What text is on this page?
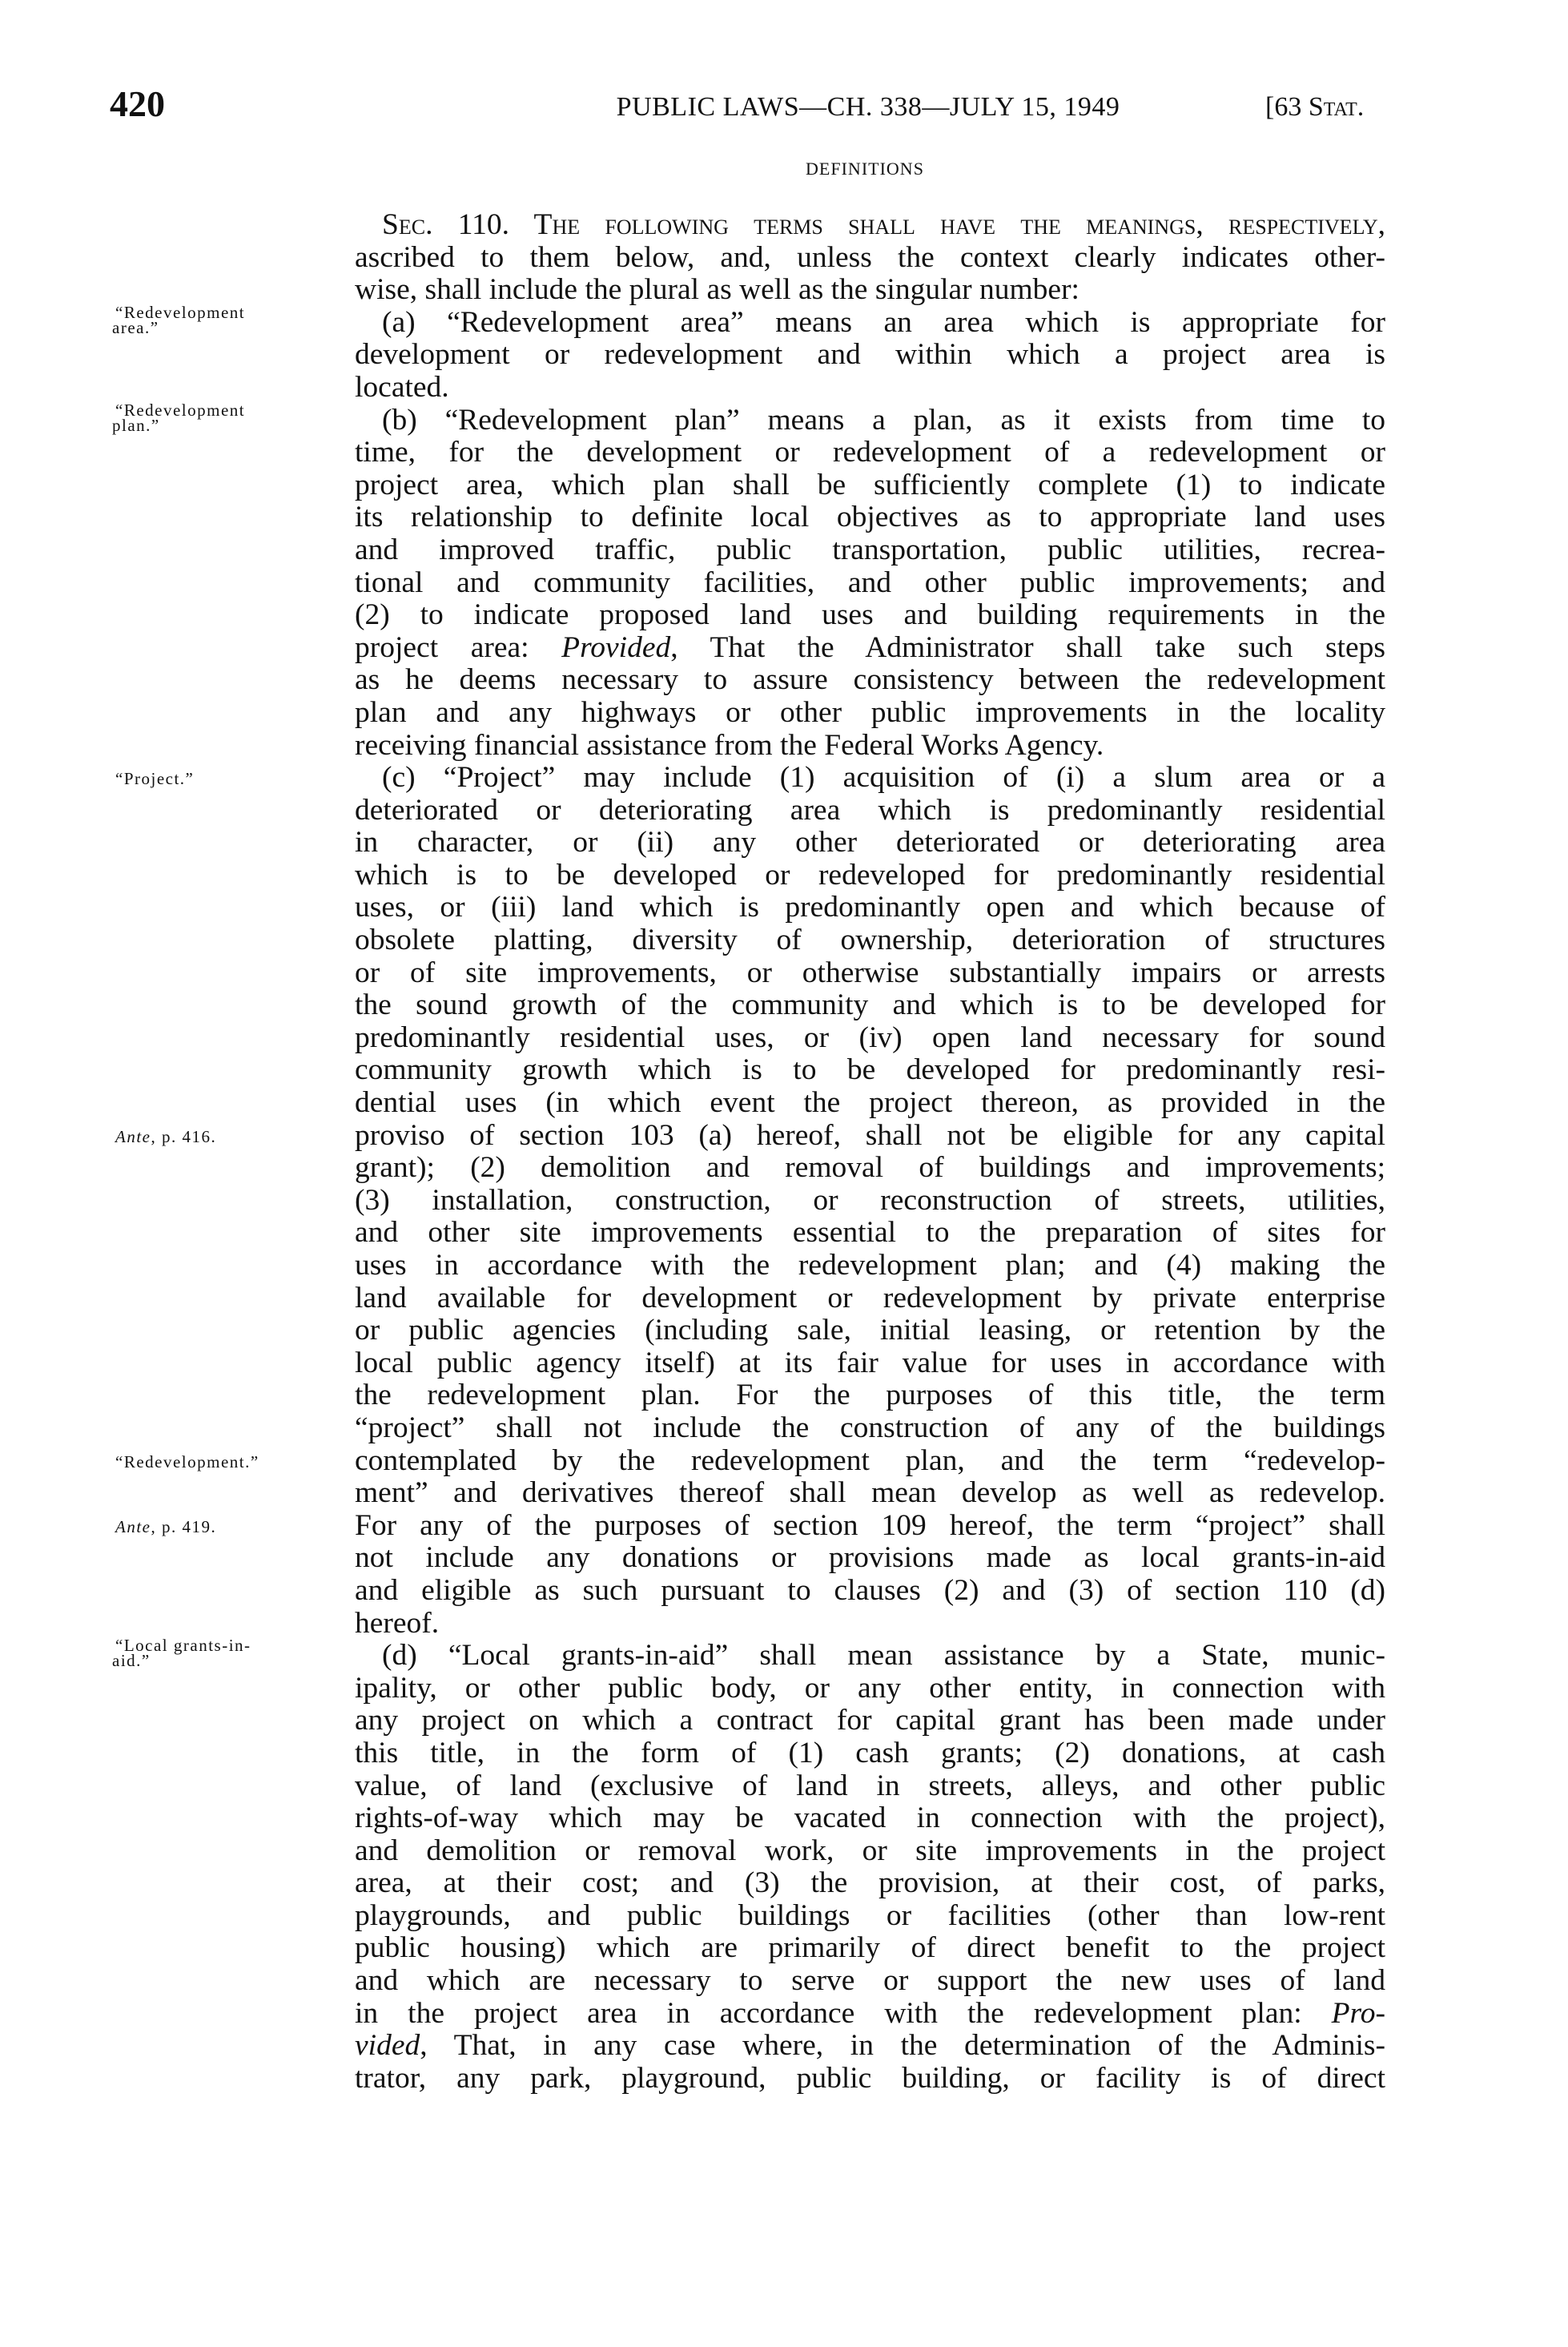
420	PUBLIC LAWS—CH. 338—JULY 15, 1949	[63 Stat.
DEFINITIONS
Sec. 110. The following terms shall have the meanings, respectively,
ascribed to them below, and, unless the context clearly indicates other-
wise, shall include the plural as well as the singular number:
“Redevelopment
area.”	(a) “Redevelopment area” means an area which is appropriate for
development or redevelopment and within which a project area is
located.
“Redevelopment
plan.”	(b) “Redevelopment plan” means a plan, as it exists from time to
time, for the development or redevelopment of a redevelopment or
project area, which plan shall be sufficiently complete (1) to indicate
its relationship to definite local objectives as to appropriate land uses
and improved traffic, public transportation, public utilities, recrea-
tional and community facilities, and other public improvements; and
(2) to indicate proposed land uses and building requirements in the
project area: Provided, That the Administrator shall take such steps
as he deems necessary to assure consistency between the redevelopment
plan and any highways or other public improvements in the locality
receiving financial assistance from the Federal Works Agency.
“Project.”	(c) “Project” may include (1) acquisition of (i) a slum area or a
deteriorated or deteriorating area which is predominantly residential
in character, or (ii) any other deteriorated or deteriorating area
which is to be developed or redeveloped for predominantly residential
uses, or (iii) land which is predominantly open and which because of
obsolete platting, diversity of ownership, deterioration of structures
or of site improvements, or otherwise substantially impairs or arrests
the sound growth of the community and which is to be developed for
predominantly residential uses, or (iv) open land necessary for sound
community growth which is to be developed for predominantly resi-
dential uses (in which event the project thereon, as provided in the
Ante, p. 416.	proviso of section 103 (a) hereof, shall not be eligible for any capital
grant); (2) demolition and removal of buildings and improvements;
(3) installation, construction, or reconstruction of streets, utilities,
and other site improvements essential to the preparation of sites for
uses in accordance with the redevelopment plan; and (4) making the
land available for development or redevelopment by private enterprise
or public agencies (including sale, initial leasing, or retention by the
local public agency itself) at its fair value for uses in accordance with
the redevelopment plan. For the purposes of this title, the term
“project” shall not include the construction of any of the buildings
“Redevelopment.”	contemplated by the redevelopment plan, and the term “redevelop-
ment” and derivatives thereof shall mean develop as well as redevelop.
Ante, p. 419.	For any of the purposes of section 109 hereof, the term “project” shall
not include any donations or provisions made as local grants-in-aid
and eligible as such pursuant to clauses (2) and (3) of section 110 (d)
hereof.
“Local grants-in-
aid.”	(d) “Local grants-in-aid” shall mean assistance by a State, munic-
ipality, or other public body, or any other entity, in connection with
any project on which a contract for capital grant has been made under
this title, in the form of (1) cash grants; (2) donations, at cash
value, of land (exclusive of land in streets, alleys, and other public
rights-of-way which may be vacated in connection with the project),
and demolition or removal work, or site improvements in the project
area, at their cost; and (3) the provision, at their cost, of parks,
playgrounds, and public buildings or facilities (other than low-rent
public housing) which are primarily of direct benefit to the project
and which are necessary to serve or support the new uses of land
in the project area in accordance with the redevelopment plan: Pro-
vided, That, in any case where, in the determination of the Adminis-
trator, any park, playground, public building, or facility is of direct
